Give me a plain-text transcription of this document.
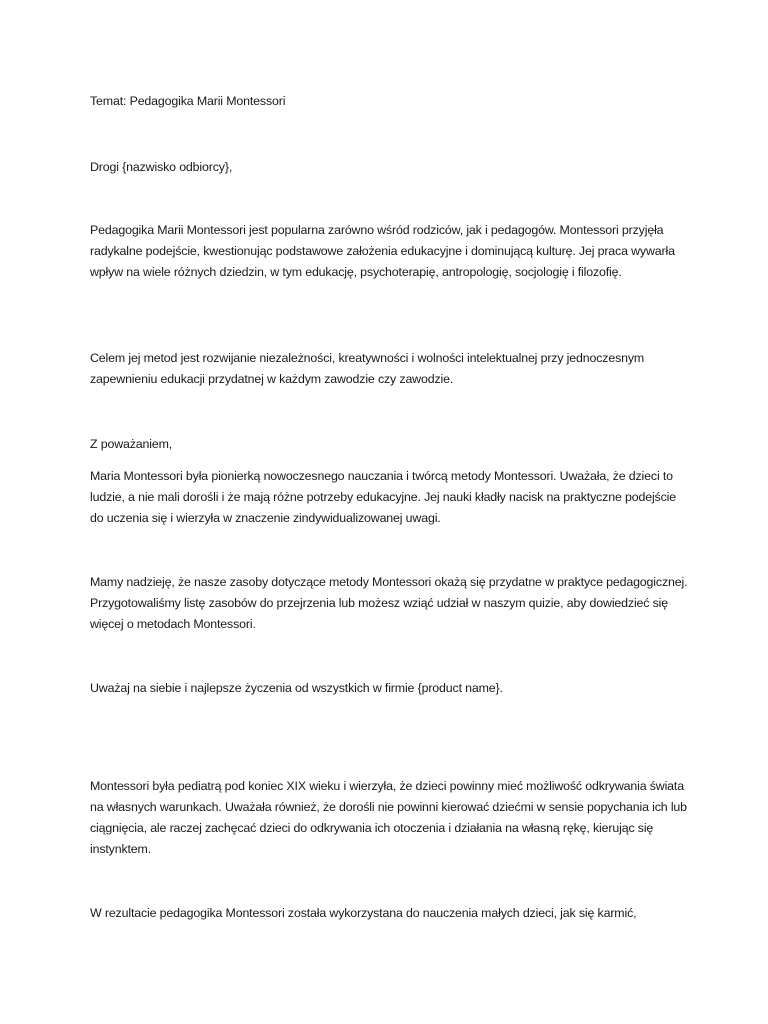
Temat: Pedagogika Marii Montessori

Drogi {nazwisko odbiorcy},

Pedagogika Marii Montessori jest popularna zarówno wśród rodziców, jak i pedagogów. Montessori przyjęła radykalne podejście, kwestionując podstawowe założenia edukacyjne i dominującą kulturę. Jej praca wywarła wpływ na wiele różnych dziedzin, w tym edukację, psychoterapię, antropologię, socjologię i filozofię.

Celem jej metod jest rozwijanie niezależności, kreatywności i wolności intelektualnej przy jednoczesnym zapewnieniu edukacji przydatnej w każdym zawodzie czy zawodzie.

Z poważaniem,

Maria Montessori była pionierką nowoczesnego nauczania i twórcą metody Montessori. Uważała, że dzieci to ludzie, a nie mali dorośli i że mają różne potrzeby edukacyjne. Jej nauki kładły nacisk na praktyczne podejście do uczenia się i wierzyła w znaczenie zindywidualizowanej uwagi.

Mamy nadzieję, że nasze zasoby dotyczące metody Montessori okażą się przydatne w praktyce pedagogicznej. Przygotowaliśmy listę zasobów do przejrzenia lub możesz wziąć udział w naszym quizie, aby dowiedzieć się więcej o metodach Montessori.

Uważaj na siebie i najlepsze życzenia od wszystkich w firmie {product name}.

Montessori była pediatrą pod koniec XIX wieku i wierzyła, że dzieci powinny mieć możliwość odkrywania świata na własnych warunkach. Uważała również, że dorośli nie powinni kierować dziećmi w sensie popychania ich lub ciągnięcia, ale raczej zachęcać dzieci do odkrywania ich otoczenia i działania na własną rękę, kierując się instynktem.

W rezultacie pedagogika Montessori została wykorzystana do nauczenia małych dzieci, jak się karmić,
